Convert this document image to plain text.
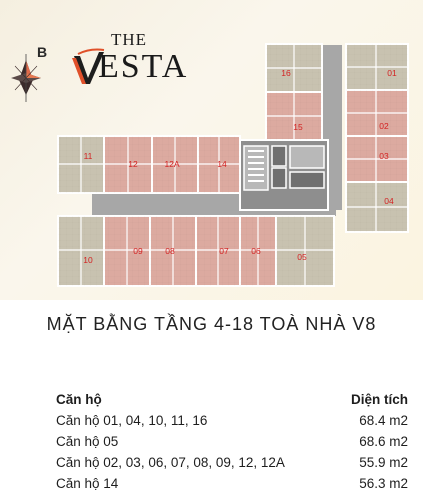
B
THE
ESTA	16	01
15	02
03
04
11
12	12A	14
09	08	07	06
05
10
MẶT BẰNG TẦNG 4-18 TOÀ NHÀ V8
Căn hộ	Diện tích
Căn hộ 01, 04, 10, 11, 16	68.4 m2
Căn hộ 05	68.6 m2
Căn hộ 02, 03, 06, 07, 08, 09, 12, 12A	55.9 m2
Căn hộ 14	56.3 m2
